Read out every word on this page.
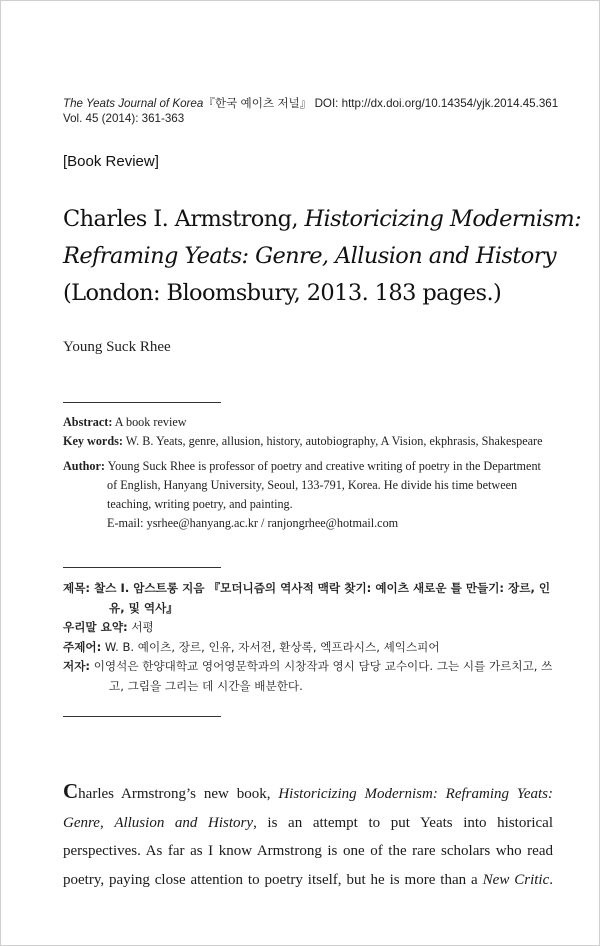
The Yeats Journal of Korea『한국 예이츠 저널』 DOI: http://dx.doi.org/10.14354/yjk.2014.45.361
Vol. 45 (2014): 361-363
[Book Review]
Charles I. Armstrong, Historicizing Modernism:
Reframing Yeats: Genre, Allusion and History
(London: Bloomsbury, 2013. 183 pages.)
Young Suck Rhee
Abstract: A book review
Key words: W. B. Yeats, genre, allusion, history, autobiography, A Vision, ekphrasis, Shakespeare
Author: Young Suck Rhee is professor of poetry and creative writing of poetry in the Department of English, Hanyang University, Seoul, 133-791, Korea. He divide his time between teaching, writing poetry, and painting.
E-mail: ysrhee@hanyang.ac.kr / ranjongrhee@hotmail.com
제목: 찰스 I. 암스트롱 지음 『모더니즘의 역사적 맥락 찾기: 예이츠 새로운 틀 만들기: 장르, 인유, 및 역사』
우리말 요약: 서평
주제어: W. B. 예이츠, 장르, 인유, 자서전, 환상록, 엑프라시스, 셰익스피어
저자: 이영석은 한양대학교 영어영문학과의 시창작과 영시 담당 교수이다. 그는 시를 가르치고, 쓰고, 그림을 그리는 데 시간을 배분한다.
Charles Armstrong’s new book, Historicizing Modernism: Reframing Yeats:
Genre, Allusion and History, is an attempt to put Yeats into historical
perspectives. As far as I know Armstrong is one of the rare scholars who read
poetry, paying close attention to poetry itself, but he is more than a New Critic.
